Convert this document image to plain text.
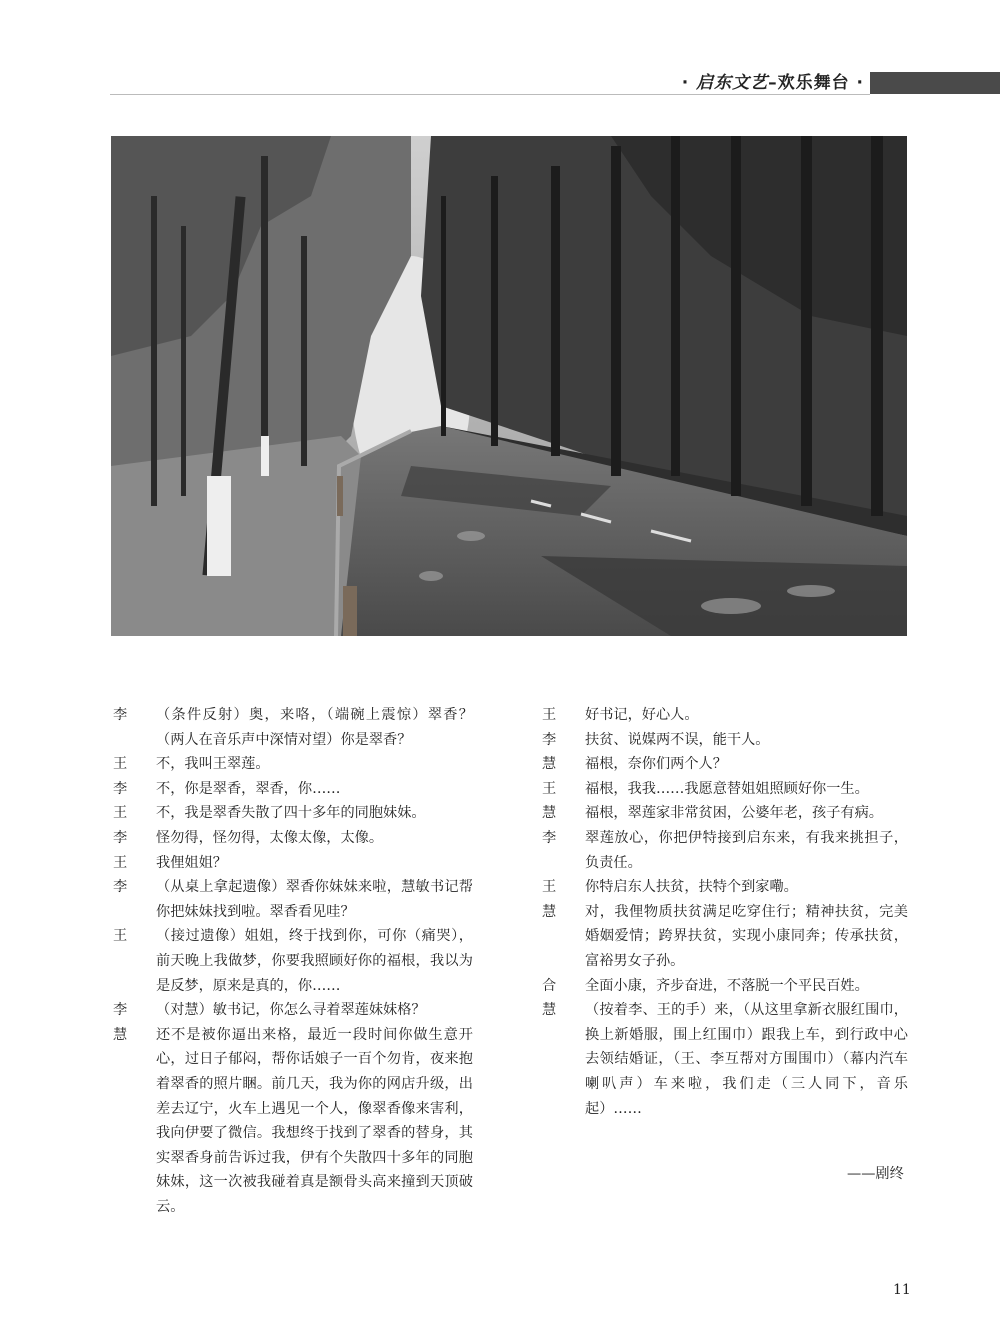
· 启东文艺–欢乐舞台 ·
李 （条件反射）奥，来咯，（端碗上震惊）翠香？（两人在音乐声中深情对望）你是翠香？
王 不，我叫王翠莲。
李 不，你是翠香，翠香，你……
王 不，我是翠香失散了四十多年的同胞妹妹。
李 怪勿得，怪勿得，太像太像，太像。
王 我俚姐姐？
李 （从桌上拿起遗像）翠香你妹妹来啦，慧敏书记帮你把妹妹找到啦。翠香看见哇？
王 （接过遗像）姐姐，终于找到你，可你（痛哭），前天晚上我做梦，你要我照顾好你的福根，我以为是反梦，原来是真的，你……
李 （对慧）敏书记，你怎么寻着翠莲妹妹格？
慧 还不是被你逼出来格，最近一段时间你做生意开心，过日子郁闷，帮你话娘子一百个勿肯，夜来抱着翠香的照片睏。前几天，我为你的网店升级，出差去辽宁，火车上遇见一个人，像翠香像来害利，我向伊要了微信。我想终于找到了翠香的替身，其实翠香身前告诉过我，伊有个失散四十多年的同胞妹妹，这一次被我碰着真是额骨头高来撞到天顶破云。
王 好书记，好心人。
李 扶贫、说媒两不误，能干人。
慧 福根，奈你们两个人？
王 福根，我我……我愿意替姐姐照顾好你一生。
慧 福根，翠莲家非常贫困，公婆年老，孩子有病。
李 翠莲放心，你把伊特接到启东来，有我来挑担子，负责任。
王 你特启东人扶贫，扶特个到家嘞。
慧 对，我俚物质扶贫满足吃穿住行；精神扶贫，完美婚姻爱情；跨界扶贫，实现小康同奔；传承扶贫，富裕男女子孙。
合 全面小康，齐步奋进，不落脱一个平民百姓。
慧 （按着李、王的手）来，（从这里拿新衣服红围巾，换上新婚服，围上红围巾）跟我上车，到行政中心去领结婚证，（王、李互帮对方围围巾）（幕内汽车喇叭声）车来啦，我们走（三人同下，音乐起）……
——剧终
11
